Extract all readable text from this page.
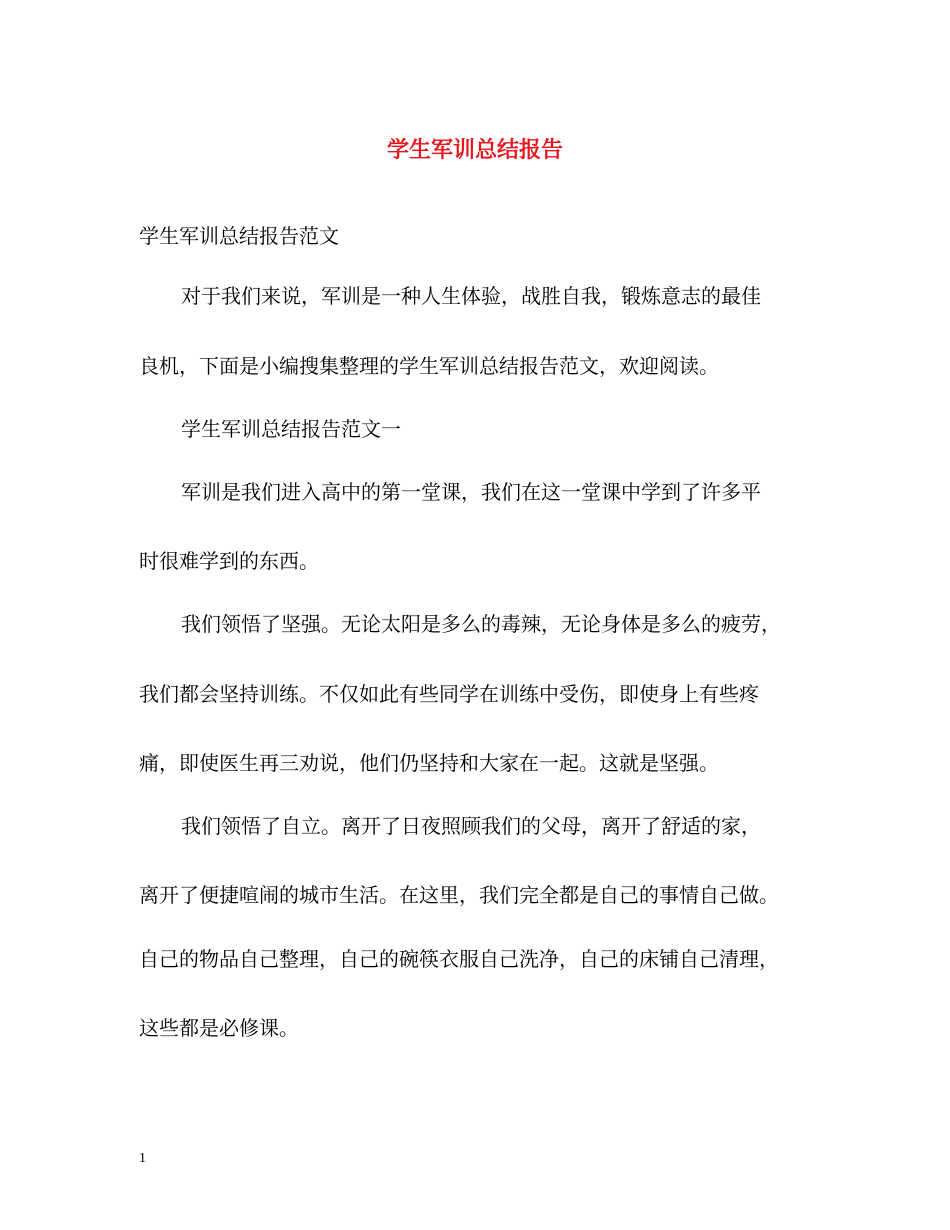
学生军训总结报告
学生军训总结报告范文
对于我们来说，军训是一种人生体验，战胜自我，锻炼意志的最佳
良机，下面是小编搜集整理的学生军训总结报告范文，欢迎阅读。
学生军训总结报告范文一
军训是我们进入高中的第一堂课，我们在这一堂课中学到了许多平
时很难学到的东西。
我们领悟了坚强。无论太阳是多么的毒辣，无论身体是多么的疲劳，
我们都会坚持训练。不仅如此有些同学在训练中受伤，即使身上有些疼
痛，即使医生再三劝说，他们仍坚持和大家在一起。这就是坚强。
我们领悟了自立。离开了日夜照顾我们的父母，离开了舒适的家，
离开了便捷喧闹的城市生活。在这里，我们完全都是自己的事情自己做。
自己的物品自己整理，自己的碗筷衣服自己洗净，自己的床铺自己清理，
这些都是必修课。
1
